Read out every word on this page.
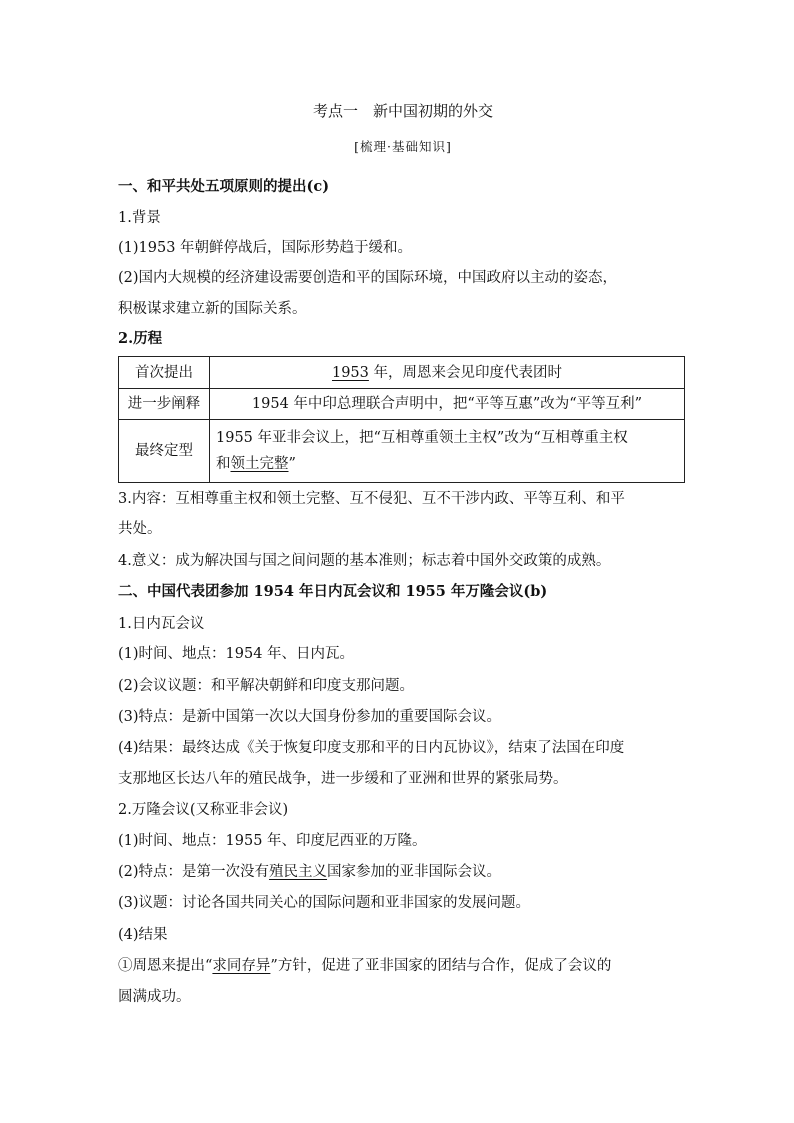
考点一　新中国初期的外交
[梳理·基础知识]
一、和平共处五项原则的提出(c)
1.背景
(1)1953 年朝鲜停战后，国际形势趋于缓和。
(2)国内大规模的经济建设需要创造和平的国际环境，中国政府以主动的姿态，
积极谋求建立新的国际关系。
2.历程
首次提出	1953 年，周恩来会见印度代表团时
进一步阐释	1954 年中印总理联合声明中，把“平等互惠”改为“平等互利”
最终定型	1955 年亚非会议上，把“互相尊重领土主权”改为“互相尊重主权
和领土完整”
3.内容：互相尊重主权和领土完整、互不侵犯、互不干涉内政、平等互利、和平
共处。
4.意义：成为解决国与国之间问题的基本准则；标志着中国外交政策的成熟。
二、中国代表团参加 1954 年日内瓦会议和 1955 年万隆会议(b)
1.日内瓦会议
(1)时间、地点：1954 年、日内瓦。
(2)会议议题：和平解决朝鲜和印度支那问题。
(3)特点：是新中国第一次以大国身份参加的重要国际会议。
(4)结果：最终达成《关于恢复印度支那和平的日内瓦协议》，结束了法国在印度
支那地区长达八年的殖民战争，进一步缓和了亚洲和世界的紧张局势。
2.万隆会议(又称亚非会议)
(1)时间、地点：1955 年、印度尼西亚的万隆。
(2)特点：是第一次没有殖民主义国家参加的亚非国际会议。
(3)议题：讨论各国共同关心的国际问题和亚非国家的发展问题。
(4)结果
①周恩来提出“求同存异”方针，促进了亚非国家的团结与合作，促成了会议的
圆满成功。
